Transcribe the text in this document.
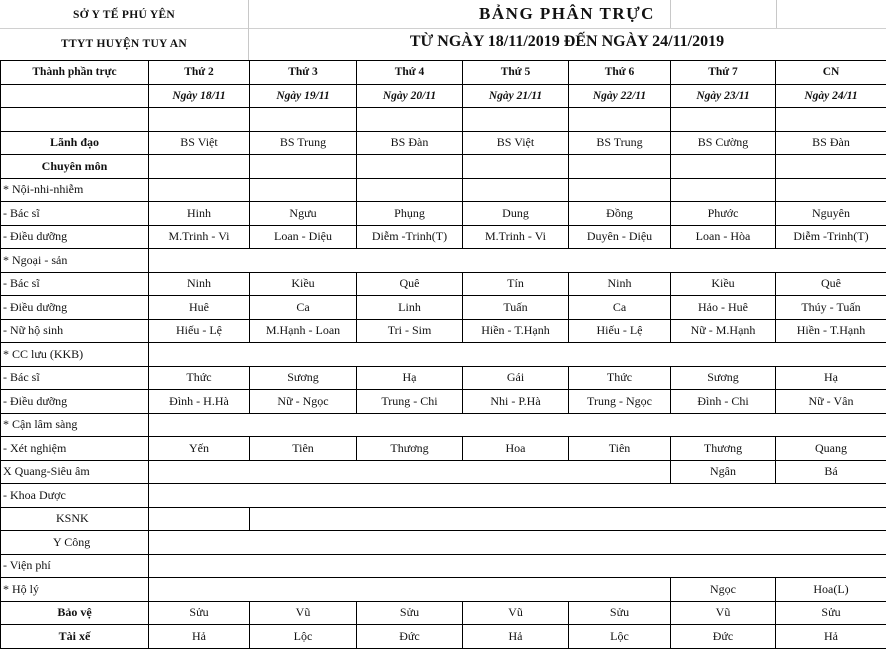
SỞ Y TẾ PHÚ YÊN
TTYT HUYỆN TUY AN
BẢNG PHÂN TRỰC
TỪ NGÀY 18/11/2019 ĐẾN NGÀY 24/11/2019
Thành phần trực	Thứ 2	Thứ 3	Thứ 4	Thứ 5	Thứ 6	Thứ 7	CN
	Ngày 18/11	Ngày 19/11	Ngày 20/11	Ngày 21/11	Ngày 22/11	Ngày 23/11	Ngày 24/11

Lãnh đạo	BS Việt	BS Trung	BS Đàn	BS Việt	BS Trung	BS Cường	BS Đàn
Chuyên môn							
* Nội-nhi-nhiễm							
- Bác sĩ	Hinh	Ngưu	Phụng	Dung	Đồng	Phước	Nguyên
- Điều dưỡng	M.Trinh - Vi	Loan - Diệu	Diễm -Trinh(T)	M.Trinh - Vi	Duyên - Diệu	Loan - Hòa	Diễm -Trinh(T)
* Ngoại - sản							
- Bác sĩ	Ninh	Kiều	Quê	Tín	Ninh	Kiều	Quê
- Điều dưỡng	Huê	Ca	Linh	Tuấn	Ca	Hảo - Huê	Thúy - Tuấn
- Nữ hộ sinh	Hiếu - Lệ	M.Hạnh - Loan	Tri - Sim	Hiền - T.Hạnh	Hiếu - Lệ	Nữ - M.Hạnh	Hiền - T.Hạnh
* CC lưu (KKB)							
- Bác sĩ	Thức	Sương	Hạ	Gái	Thức	Sương	Hạ
- Điều dưỡng	Đình - H.Hà	Nữ - Ngọc	Trung - Chi	Nhi - P.Hà	Trung - Ngọc	Đình - Chi	Nữ - Vân
* Cận lâm sàng							
- Xét nghiệm	Yến	Tiên	Thương	Hoa	Tiên	Thương	Quang
X Quang-Siêu âm						Ngân	Bá
- Khoa Dược							
KSNK							
Y Công							
- Viện phí							
* Hộ lý						Ngọc	Hoa(L)
Bảo vệ	Sửu	Vũ	Sửu	Vũ	Sửu	Vũ	Sửu
Tài xế	Hả	Lộc	Đức	Hả	Lộc	Đức	Hả
